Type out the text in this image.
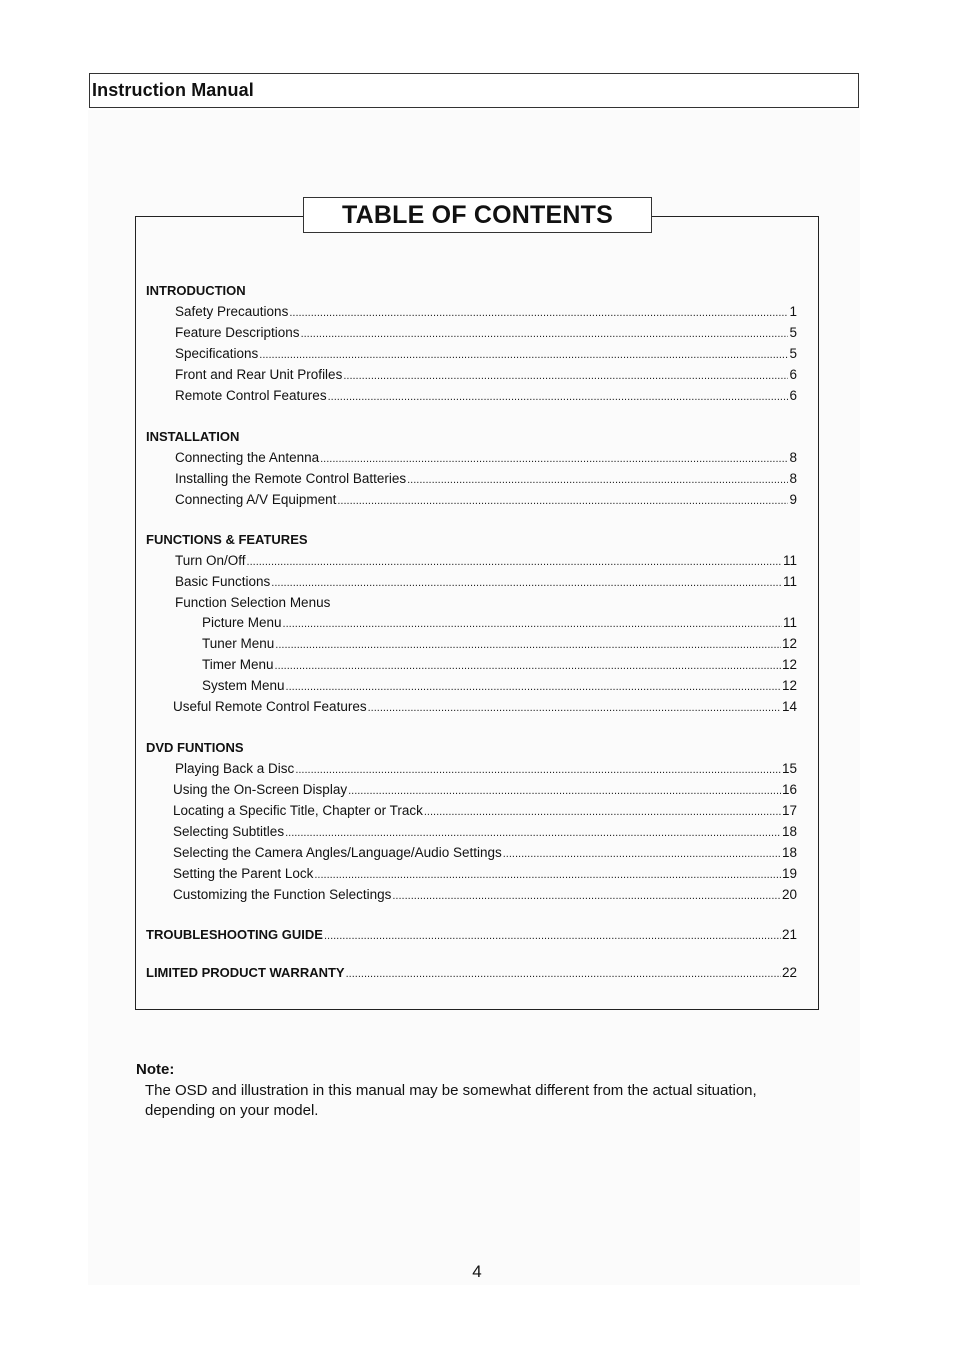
Instruction Manual
TABLE OF CONTENTS
INTRODUCTION
Safety Precautions .....	1
Feature Descriptions .....	5
Specifications .....	5
Front and Rear Unit Profiles .....	6
Remote Control Features .....	6
INSTALLATION
Connecting the Antenna .....	8
Installing the Remote Control Batteries .....	8
Connecting A/V Equipment .....	9
FUNCTIONS & FEATURES
Turn On/Off .....	11
Basic Functions .....	11
Function Selection Menus
Picture Menu .....	11
Tuner Menu .....	12
Timer Menu .....	12
System Menu .....	12
Useful Remote Control Features .....	14
DVD FUNTIONS
Playing Back a Disc .....	15
Using the On-Screen Display .....	16
Locating a Specific Title, Chapter or Track .....	17
Selecting Subtitles .....	18
Selecting the Camera Angles/Language/Audio Settings .....	18
Setting the Parent Lock .....	19
Customizing the Function Selectings .....	20
TROUBLESHOOTING GUIDE .....	21
LIMITED PRODUCT WARRANTY .....	22
Note:
The OSD and illustration in this manual may be somewhat different from the actual situation, depending on your model.
4
